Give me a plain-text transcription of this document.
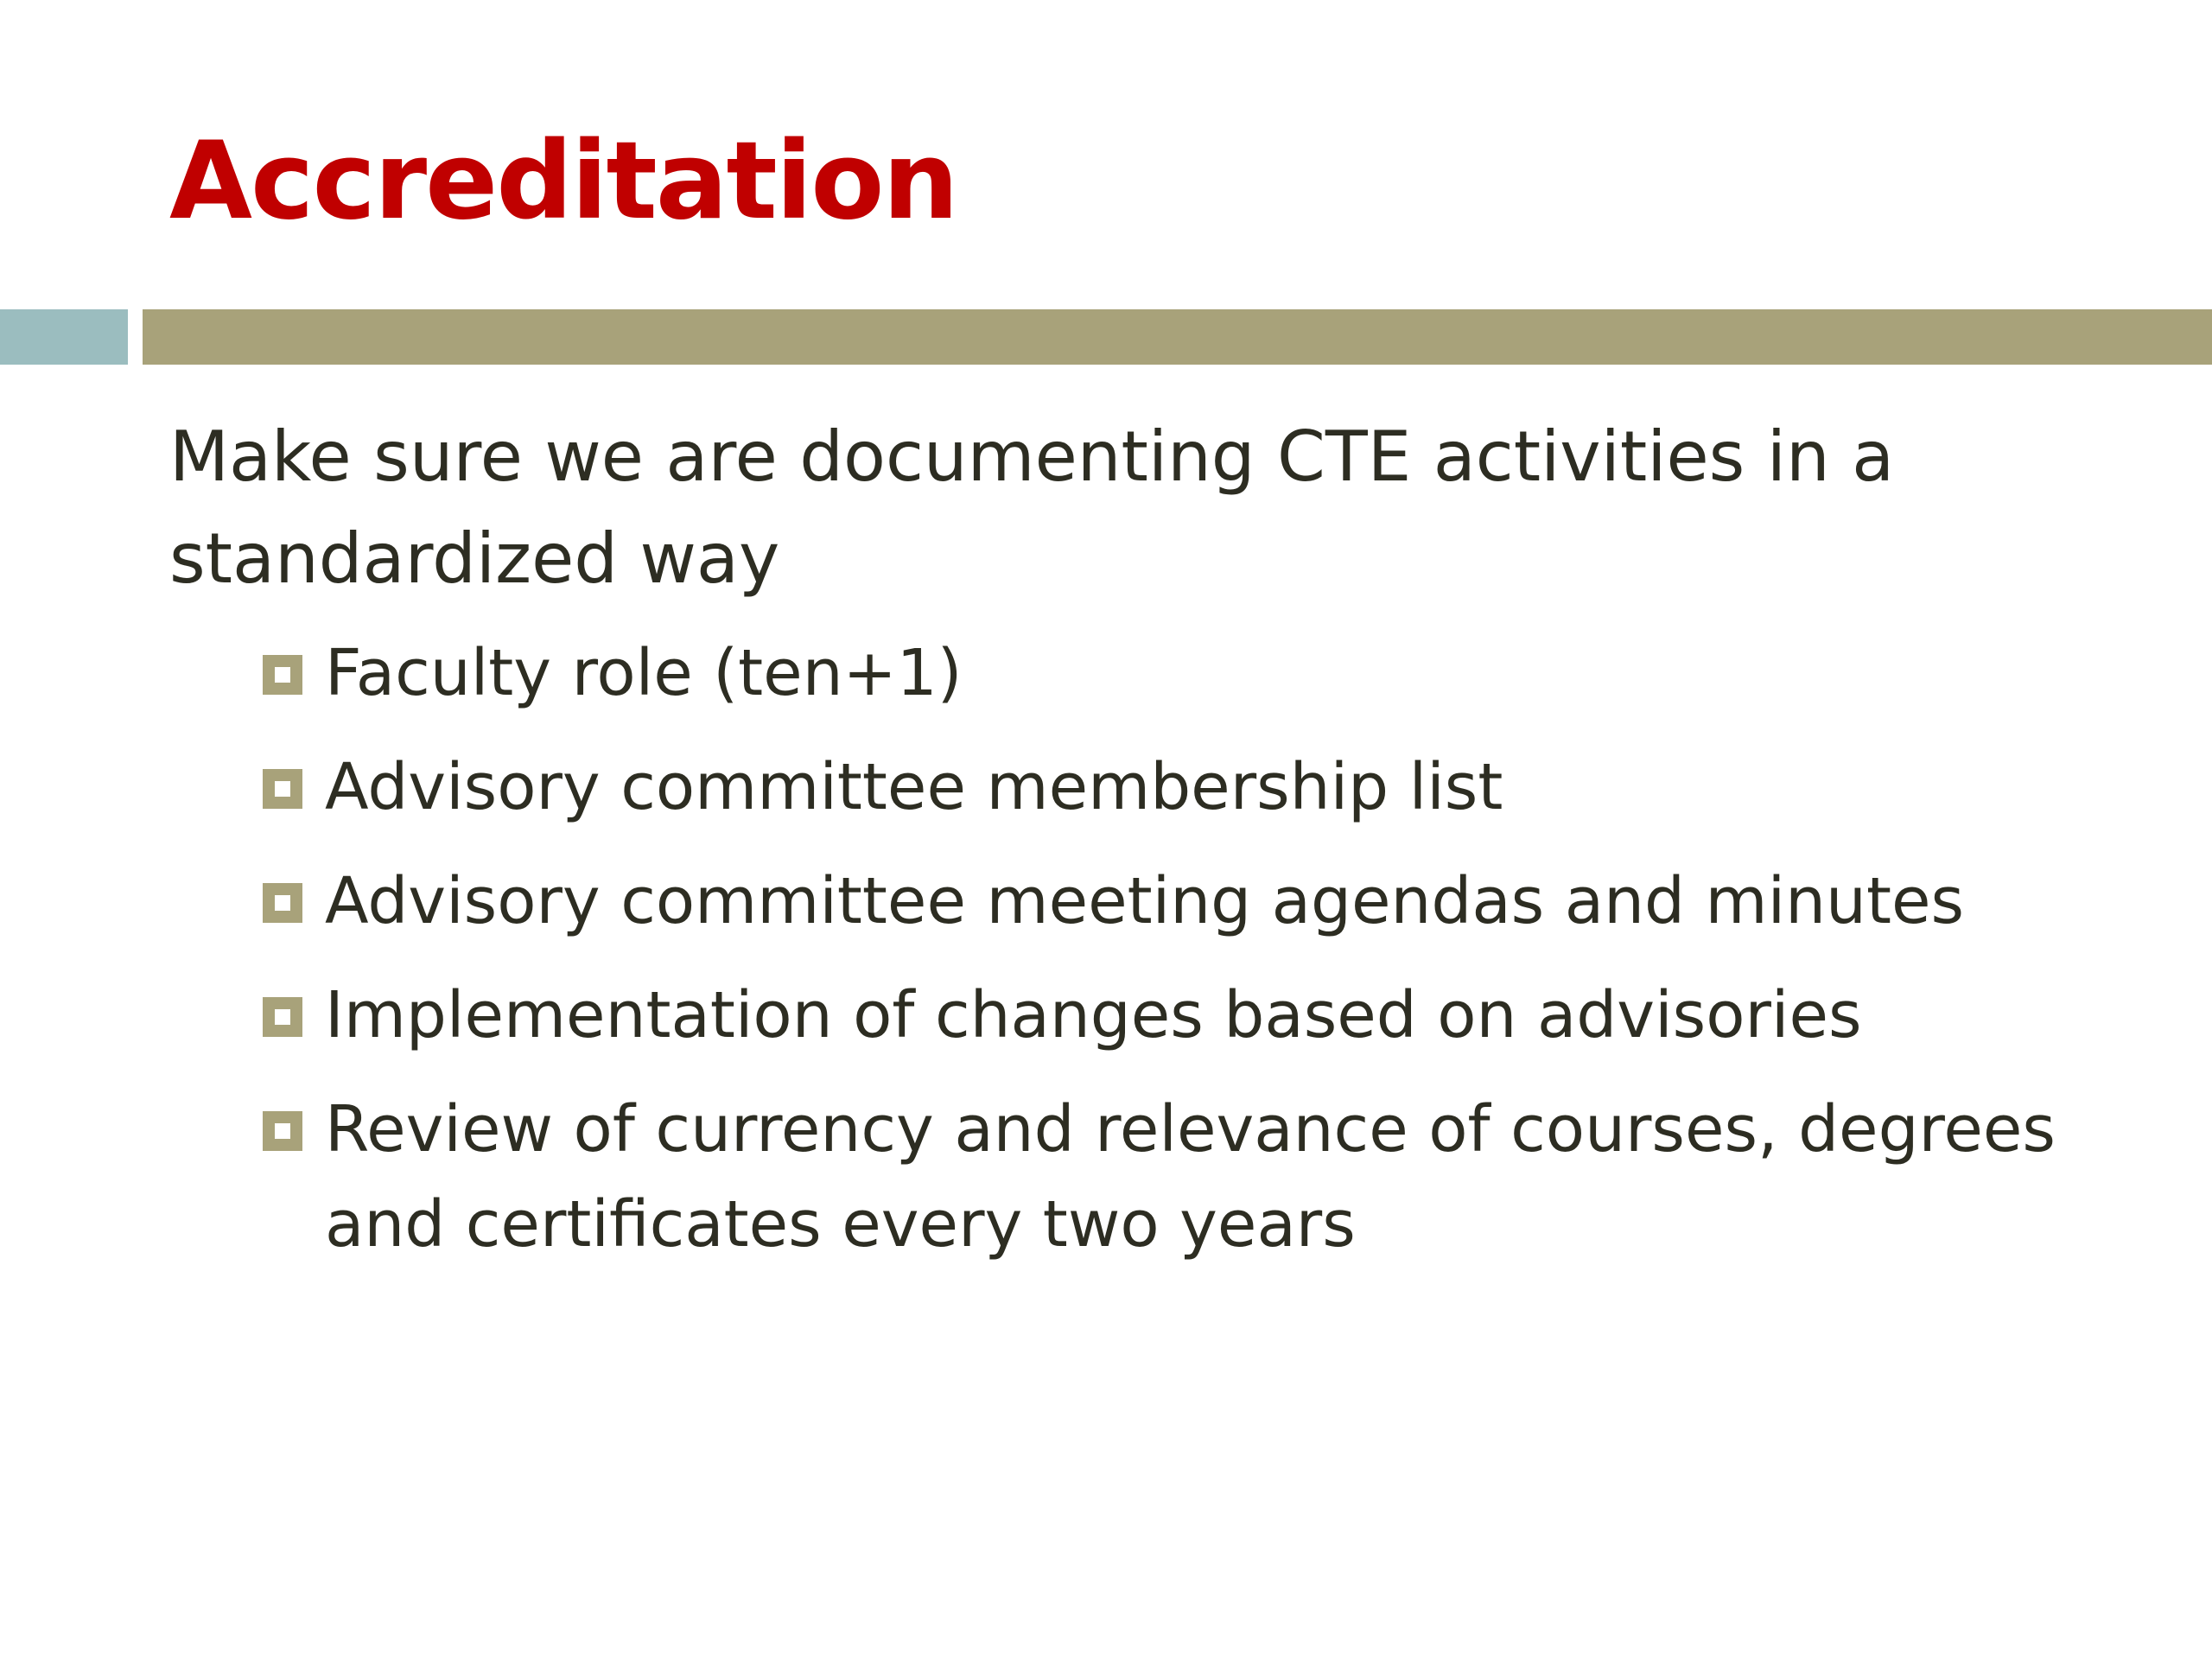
Accreditation

Make sure we are documenting CTE activities in a standardized way

Faculty role (ten+1)
Advisory committee membership list
Advisory committee meeting agendas and minutes
Implementation of changes based on advisories
Review of currency and relevance of courses, degrees and certificates every two years
